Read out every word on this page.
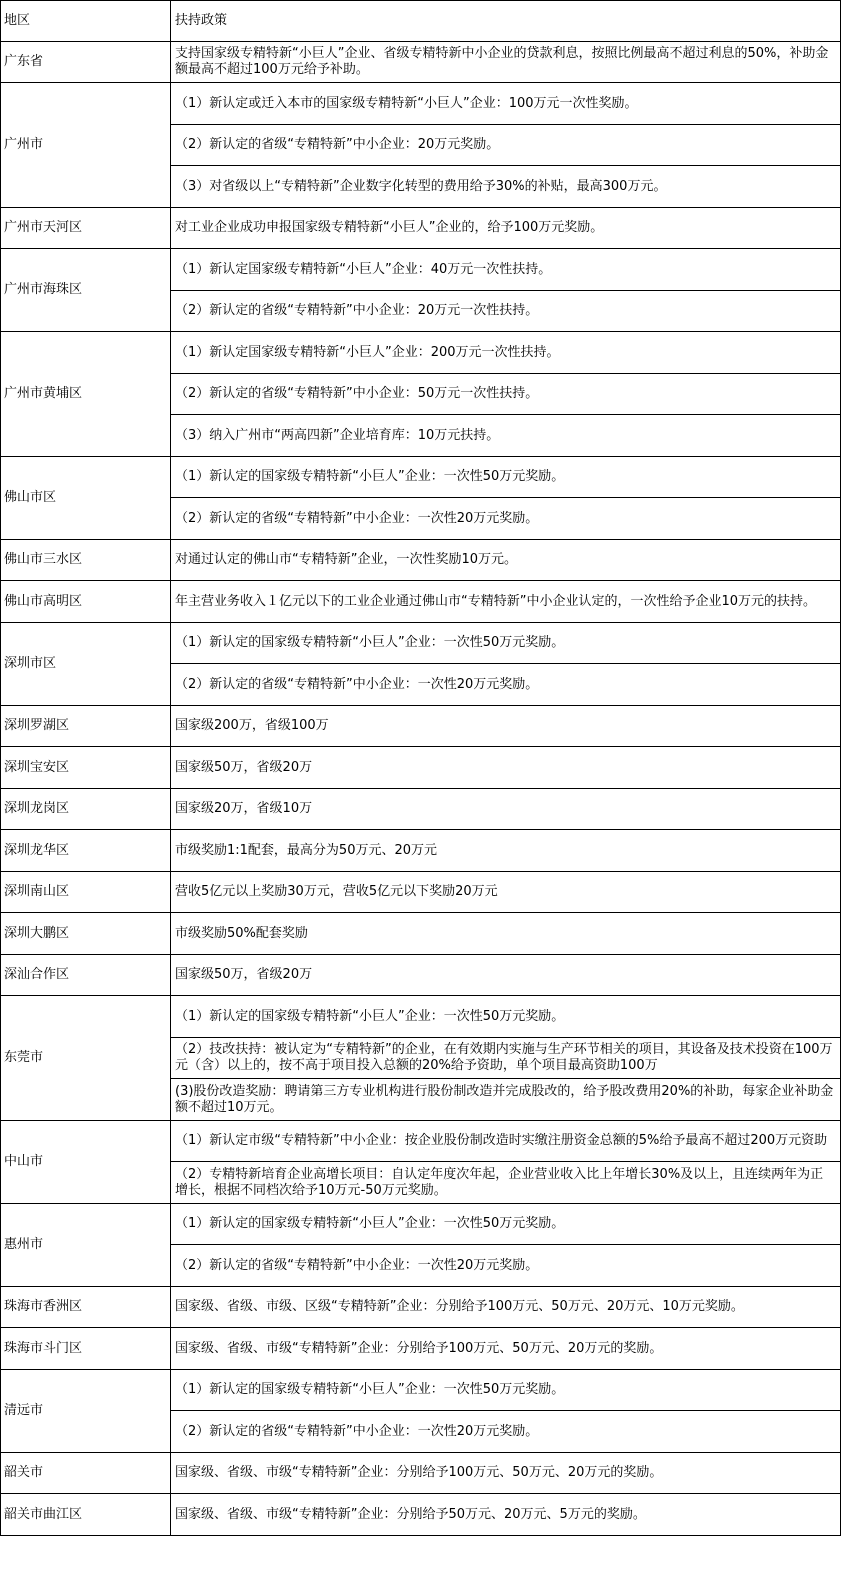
地区	扶持政策
广东省	支持国家级专精特新“小巨人”企业、省级专精特新中小企业的贷款利息，按照比例最高不超过利息的50%，补助金额最高不超过100万元给予补助。
广州市	（1）新认定或迁入本市的国家级专精特新“小巨人”企业：100万元一次性奖励。
	（2）新认定的省级“专精特新”中小企业：20万元奖励。
	（3）对省级以上“专精特新”企业数字化转型的费用给予30%的补贴，最高300万元。
广州市天河区	对工业企业成功申报国家级专精特新“小巨人”企业的，给予100万元奖励。
广州市海珠区	（1）新认定国家级专精特新“小巨人”企业：40万元一次性扶持。
	（2）新认定的省级“专精特新”中小企业：20万元一次性扶持。
广州市黄埔区	（1）新认定国家级专精特新“小巨人”企业：200万元一次性扶持。
	（2）新认定的省级“专精特新”中小企业：50万元一次性扶持。
	（3）纳入广州市“两高四新”企业培育库：10万元扶持。
佛山市区	（1）新认定的国家级专精特新“小巨人”企业：一次性50万元奖励。
	（2）新认定的省级“专精特新”中小企业：一次性20万元奖励。
佛山市三水区	对通过认定的佛山市“专精特新”企业，一次性奖励10万元。
佛山市高明区	年主营业务收入１亿元以下的工业企业通过佛山市“专精特新”中小企业认定的，一次性给予企业10万元的扶持。
深圳市区	（1）新认定的国家级专精特新“小巨人”企业：一次性50万元奖励。
	（2）新认定的省级“专精特新”中小企业：一次性20万元奖励。
深圳罗湖区	国家级200万，省级100万
深圳宝安区	国家级50万，省级20万
深圳龙岗区	国家级20万，省级10万
深圳龙华区	市级奖励1:1配套，最高分为50万元、20万元
深圳南山区	营收5亿元以上奖励30万元，营收5亿元以下奖励20万元
深圳大鹏区	市级奖励50%配套奖励
深汕合作区	国家级50万，省级20万
东莞市	（1）新认定的国家级专精特新“小巨人”企业：一次性50万元奖励。
	（2）技改扶持：被认定为“专精特新”的企业，在有效期内实施与生产环节相关的项目，其设备及技术投资在100万元（含）以上的，按不高于项目投入总额的20%给予资助，单个项目最高资助100万
	(3)股份改造奖励：聘请第三方专业机构进行股份制改造并完成股改的，给予股改费用20%的补助，每家企业补助金额不超过10万元。
中山市	（1）新认定市级“专精特新”中小企业：按企业股份制改造时实缴注册资金总额的5%给予最高不超过200万元资助
	（2）专精特新培育企业高增长项目：自认定年度次年起，企业营业收入比上年增长30%及以上，且连续两年为正增长，根据不同档次给予10万元-50万元奖励。
惠州市	（1）新认定的国家级专精特新“小巨人”企业：一次性50万元奖励。
	（2）新认定的省级“专精特新”中小企业：一次性20万元奖励。
珠海市香洲区	国家级、省级、市级、区级“专精特新”企业：分别给予100万元、50万元、20万元、10万元奖励。
珠海市斗门区	国家级、省级、市级“专精特新”企业：分别给予100万元、50万元、20万元的奖励。
清远市	（1）新认定的国家级专精特新“小巨人”企业：一次性50万元奖励。
	（2）新认定的省级“专精特新”中小企业：一次性20万元奖励。
韶关市	国家级、省级、市级“专精特新”企业：分别给予100万元、50万元、20万元的奖励。
韶关市曲江区	国家级、省级、市级“专精特新”企业：分别给予50万元、20万元、5万元的奖励。
